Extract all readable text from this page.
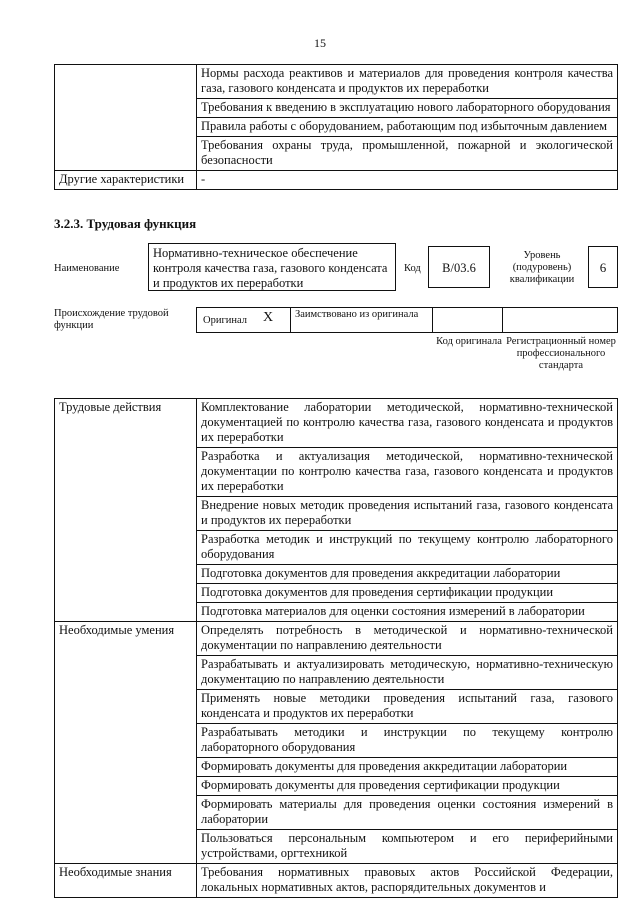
15
	Нормы расхода реактивов и материалов для проведения контроля качества газа, газового конденсата и продуктов их переработки
	Требования к введению в эксплуатацию нового лабораторного оборудования
	Правила работы с оборудованием, работающим под избыточным давлением
	Требования охраны труда, промышленной, пожарной и экологической безопасности
Другие характеристики	-
3.2.3. Трудовая функция
Наименование
Нормативно-техническое обеспечение контроля качества газа, газового конденсата и продуктов их переработки
Код	B/03.6
Уровень (подуровень) квалификации
6
Происхождение трудовой функции	Оригинал X Заимствовано из оригинала
Код оригинала Регистрационный номер профессионального стандарта
Трудовые действия	Комплектование лаборатории методической, нормативно-технической документацией по контролю качества газа, газового конденсата и продуктов их переработки
	Разработка и актуализация методической, нормативно-технической документации по контролю качества газа, газового конденсата и продуктов их переработки
	Внедрение новых методик проведения испытаний газа, газового конденсата и продуктов их переработки
	Разработка методик и инструкций по текущему контролю лабораторного оборудования
	Подготовка документов для проведения аккредитации лаборатории
	Подготовка документов для проведения сертификации продукции
	Подготовка материалов для оценки состояния измерений в лаборатории
Необходимые умения	Определять потребность в методической и нормативно-технической документации по направлению деятельности
	Разрабатывать и актуализировать методическую, нормативно-техническую документацию по направлению деятельности
	Применять новые методики проведения испытаний газа, газового конденсата и продуктов их переработки
	Разрабатывать методики и инструкции по текущему контролю лабораторного оборудования
	Формировать документы для проведения аккредитации лаборатории
	Формировать документы для проведения сертификации продукции
	Формировать материалы для проведения оценки состояния измерений в лаборатории
	Пользоваться персональным компьютером и его периферийными устройствами, оргтехникой
Необходимые знания	Требования нормативных правовых актов Российской Федерации, локальных нормативных актов, распорядительных документов и
